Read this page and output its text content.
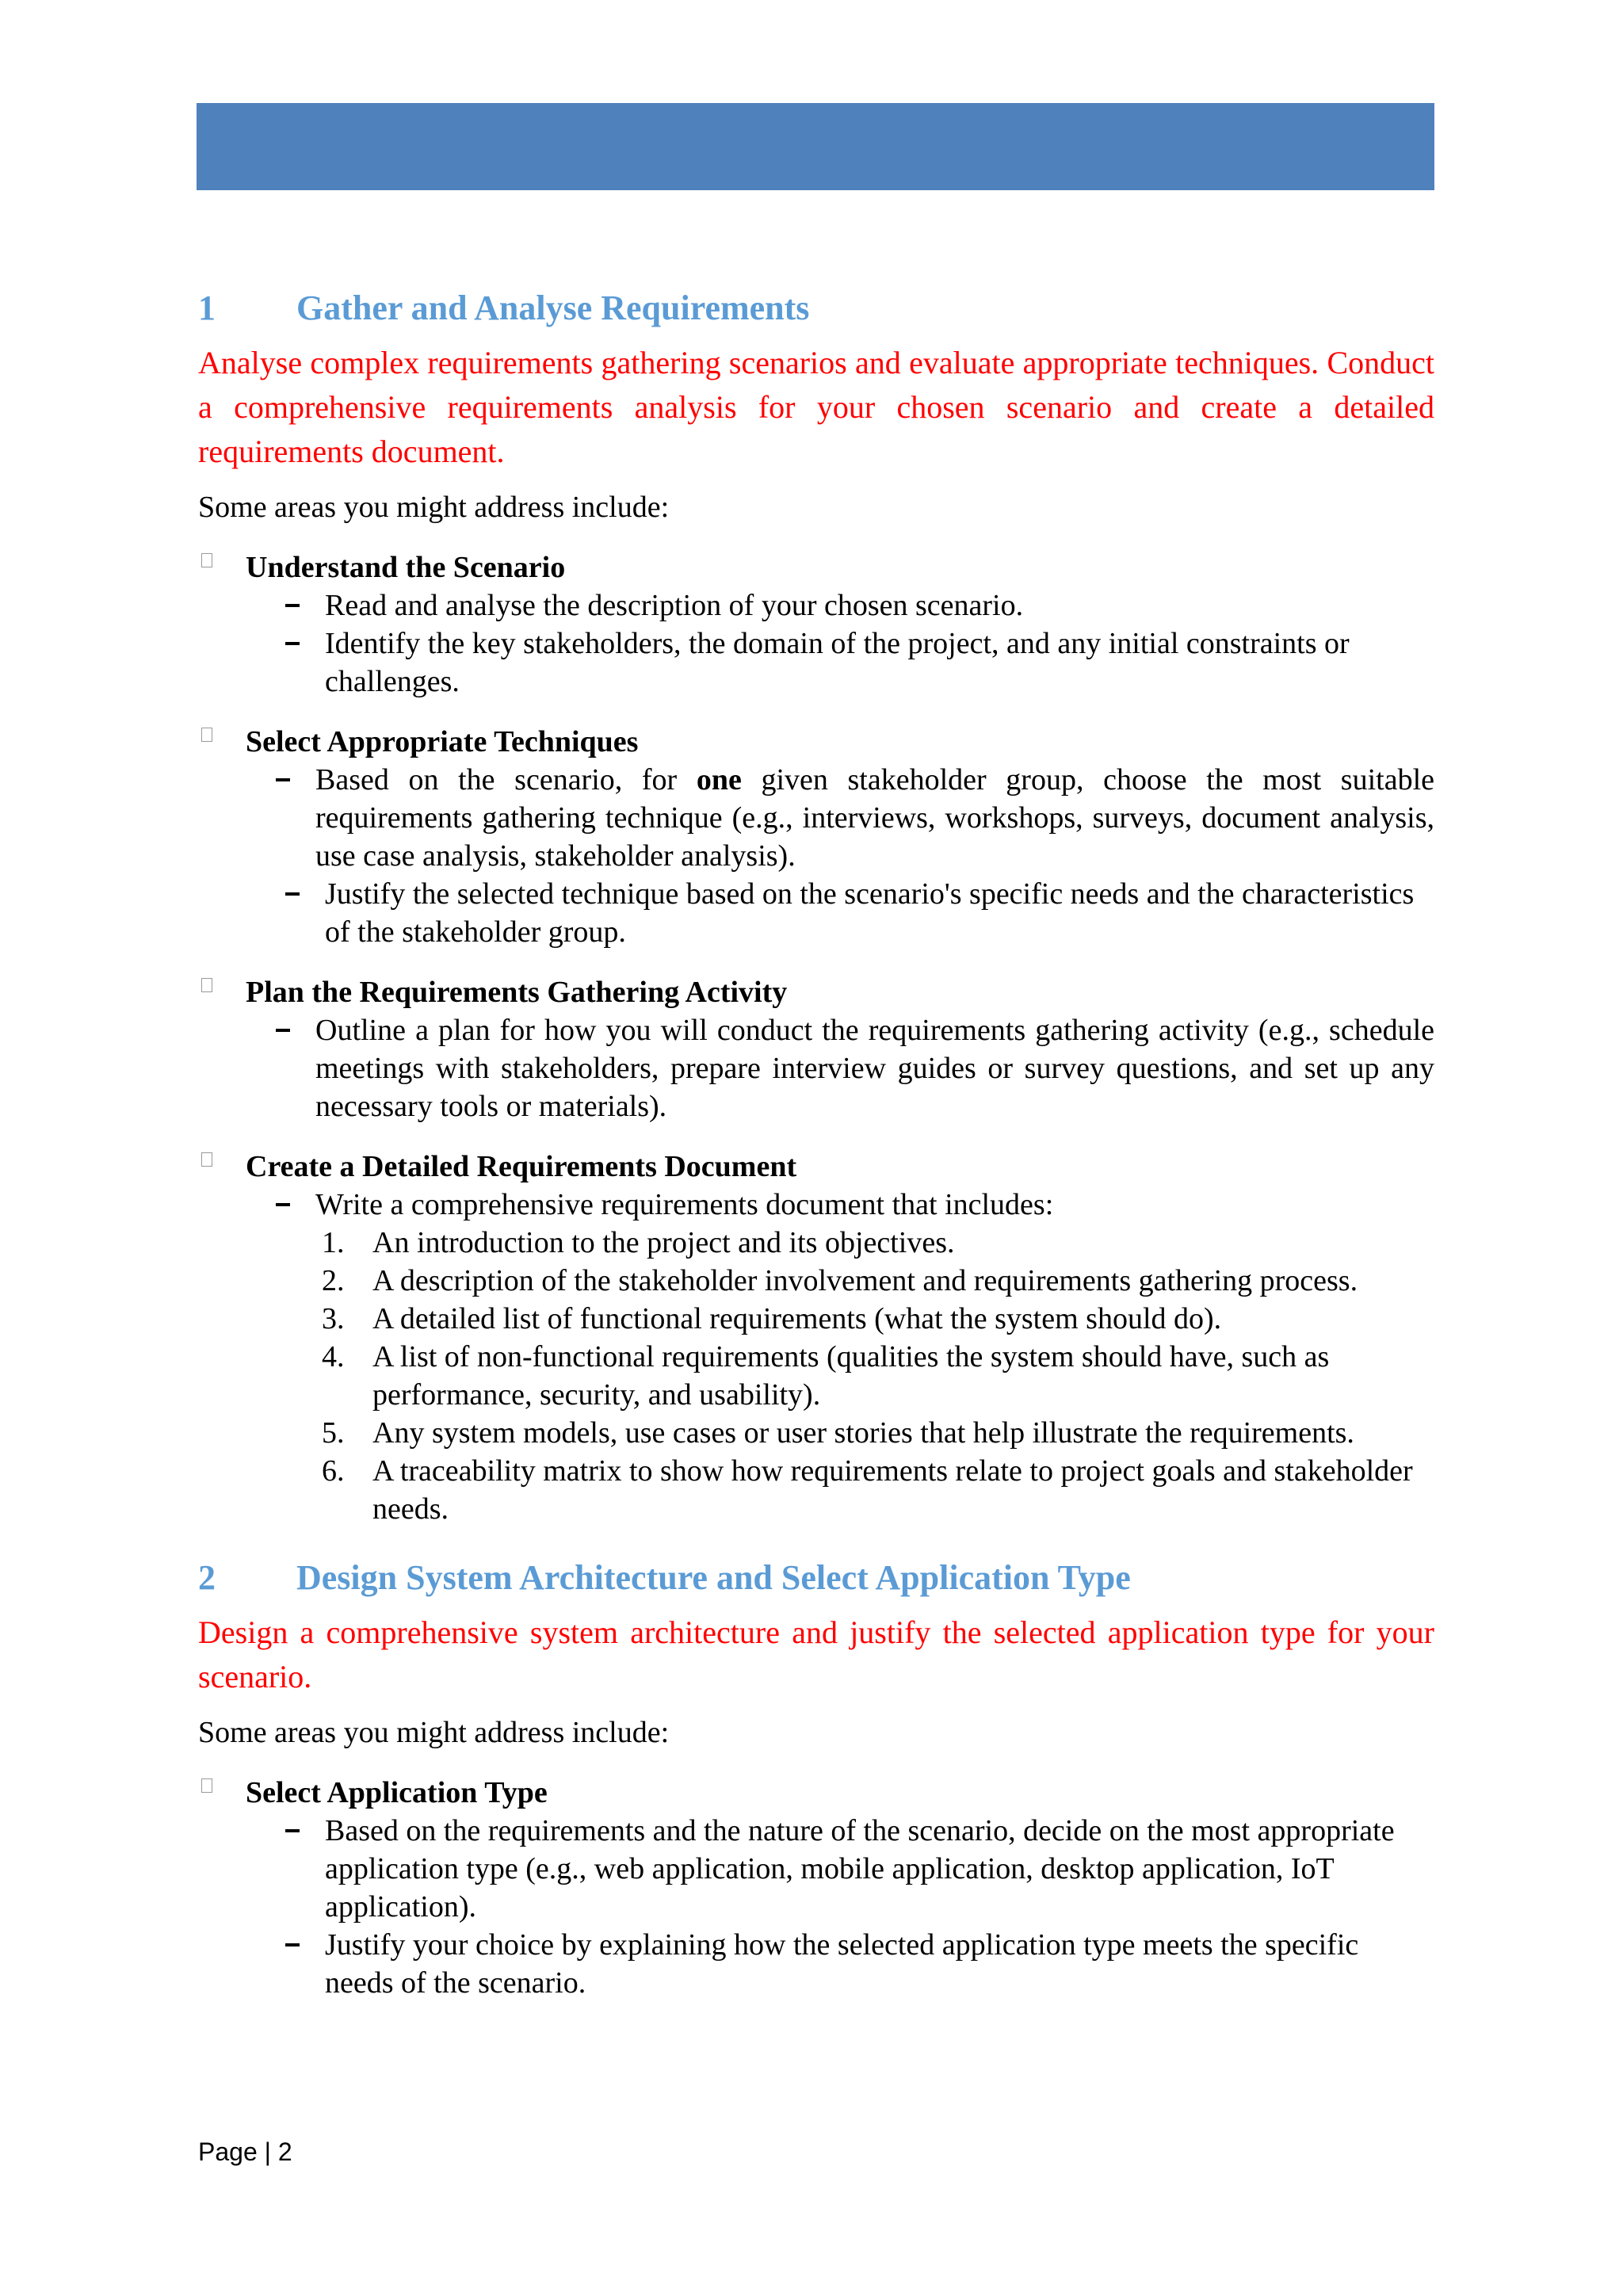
1	Gather and Analyse Requirements

Analyse complex requirements gathering scenarios and evaluate appropriate techniques. Conduct a comprehensive requirements analysis for your chosen scenario and create a detailed requirements document.

Some areas you might address include:

Understand the Scenario
Read and analyse the description of your chosen scenario.
Identify the key stakeholders, the domain of the project, and any initial constraints or challenges.
Select Appropriate Techniques
Based on the scenario, for one given stakeholder group, choose the most suitable requirements gathering technique (e.g., interviews, workshops, surveys, document analysis, use case analysis, stakeholder analysis).
Justify the selected technique based on the scenario's specific needs and the characteristics of the stakeholder group.
Plan the Requirements Gathering Activity
Outline a plan for how you will conduct the requirements gathering activity (e.g., schedule meetings with stakeholders, prepare interview guides or survey questions, and set up any necessary tools or materials).
Create a Detailed Requirements Document
Write a comprehensive requirements document that includes:
1. An introduction to the project and its objectives.
2. A description of the stakeholder involvement and requirements gathering process.
3. A detailed list of functional requirements (what the system should do).
4. A list of non-functional requirements (qualities the system should have, such as performance, security, and usability).
5. Any system models, use cases or user stories that help illustrate the requirements.
6. A traceability matrix to show how requirements relate to project goals and stakeholder needs.
2	Design System Architecture and Select Application Type

Design a comprehensive system architecture and justify the selected application type for your scenario.

Some areas you might address include:

Select Application Type
Based on the requirements and the nature of the scenario, decide on the most appropriate application type (e.g., web application, mobile application, desktop application, IoT application).
Justify your choice by explaining how the selected application type meets the specific needs of the scenario.
Page | 2
